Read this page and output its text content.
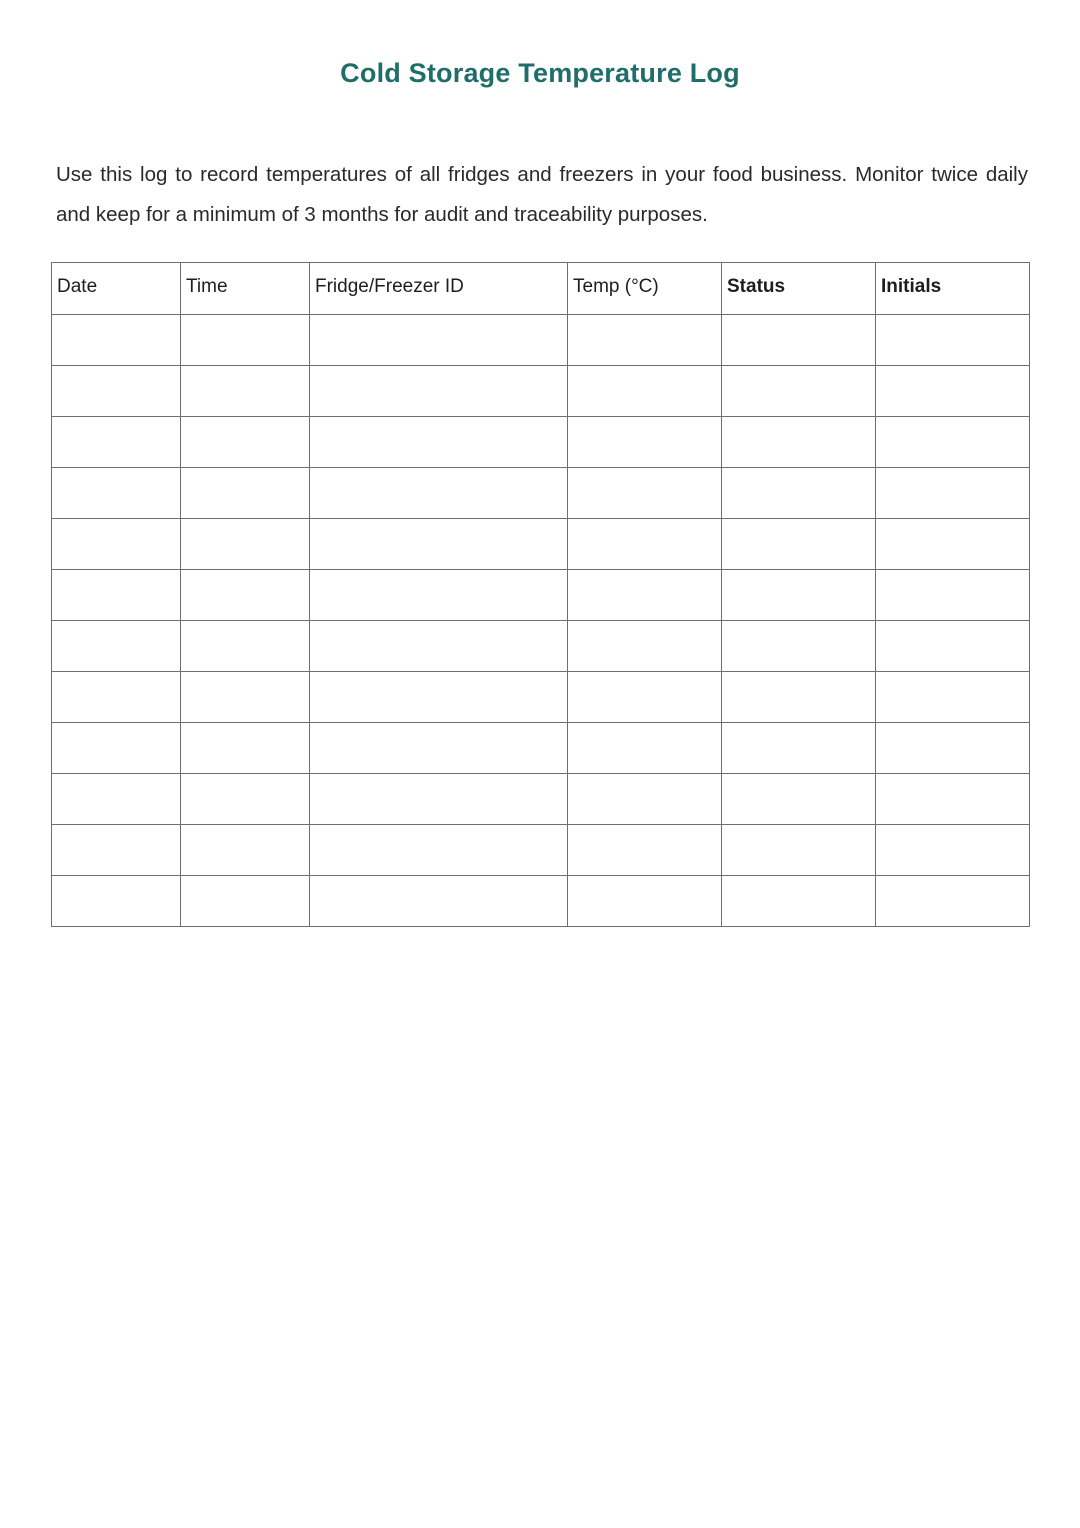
Cold Storage Temperature Log
Use this log to record temperatures of all fridges and freezers in your food business. Monitor twice daily and keep for a minimum of 3 months for audit and traceability purposes.
Date	Time	Fridge/Freezer ID	Temp (°C)	Status	Initials
